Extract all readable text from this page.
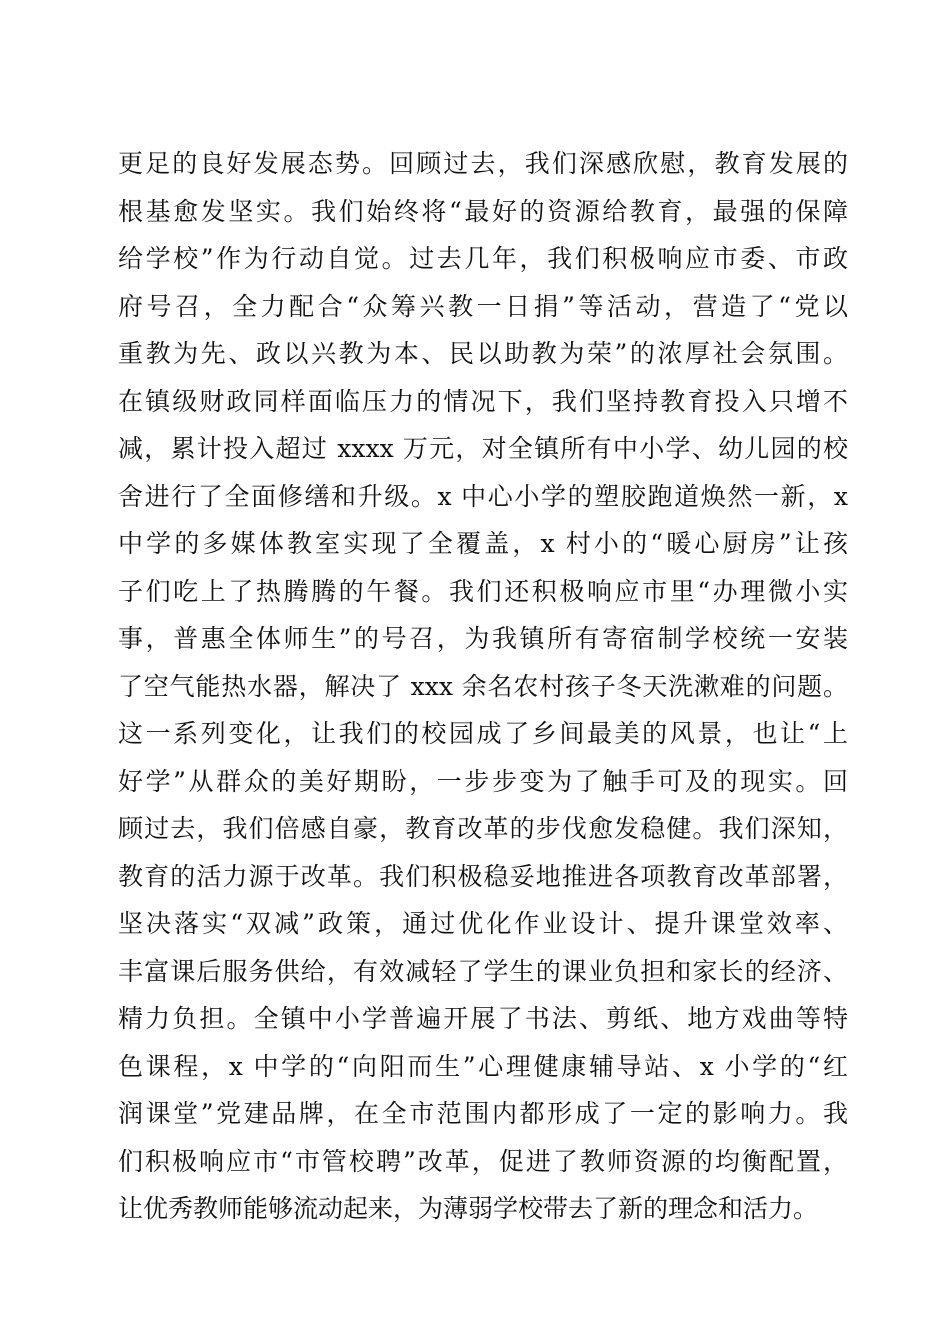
更足的良好发展态势。回顾过去，我们深感欣慰，教育发展的
根基愈发坚实。我们始终将“最好的资源给教育，最强的保障
给学校”作为行动自觉。过去几年，我们积极响应市委、市政
府号召，全力配合“众筹兴教一日捐”等活动，营造了“党以
重教为先、政以兴教为本、民以助教为荣”的浓厚社会氛围。
在镇级财政同样面临压力的情况下，我们坚持教育投入只增不
减，累计投入超过 xxxx 万元，对全镇所有中小学、幼儿园的校
舍进行了全面修缮和升级。x 中心小学的塑胶跑道焕然一新，x
中学的多媒体教室实现了全覆盖，x 村小的“暖心厨房”让孩
子们吃上了热腾腾的午餐。我们还积极响应市里“办理微小实
事，普惠全体师生”的号召，为我镇所有寄宿制学校统一安装
了空气能热水器，解决了 xxx 余名农村孩子冬天洗漱难的问题。
这一系列变化，让我们的校园成了乡间最美的风景，也让“上
好学”从群众的美好期盼，一步步变为了触手可及的现实。回
顾过去，我们倍感自豪，教育改革的步伐愈发稳健。我们深知，
教育的活力源于改革。我们积极稳妥地推进各项教育改革部署，
坚决落实“双减”政策，通过优化作业设计、提升课堂效率、
丰富课后服务供给，有效减轻了学生的课业负担和家长的经济、
精力负担。全镇中小学普遍开展了书法、剪纸、地方戏曲等特
色课程，x 中学的“向阳而生”心理健康辅导站、x 小学的“红
润课堂”党建品牌，在全市范围内都形成了一定的影响力。我
们积极响应市“市管校聘”改革，促进了教师资源的均衡配置，
让优秀教师能够流动起来，为薄弱学校带去了新的理念和活力。
